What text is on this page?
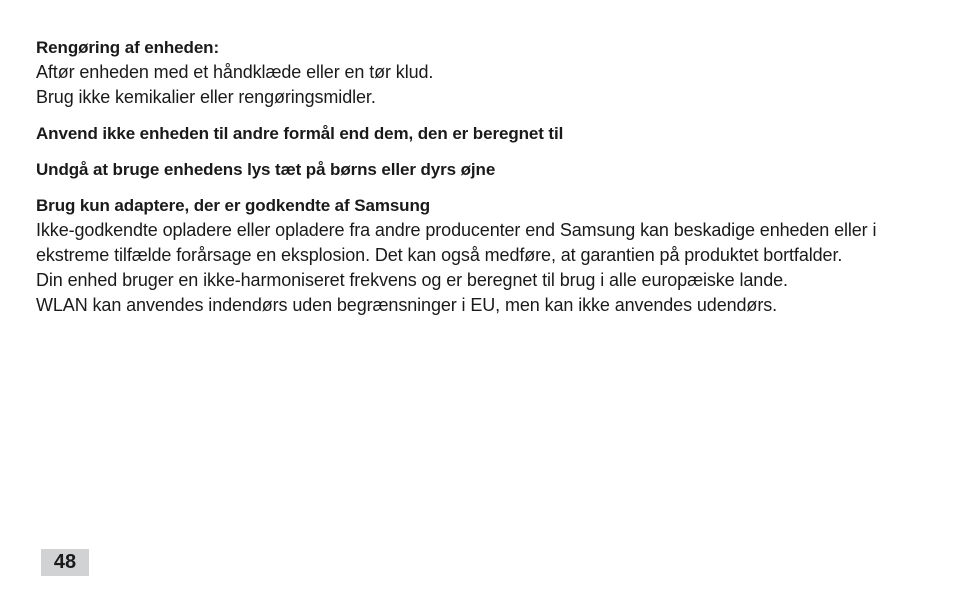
Rengøring af enheden:

Aftør enheden med et håndklæde eller en tør klud.

Brug ikke kemikalier eller rengøringsmidler.

Anvend ikke enheden til andre formål end dem, den er beregnet til

Undgå at bruge enhedens lys tæt på børns eller dyrs øjne

Brug kun adaptere, der er godkendte af Samsung

Ikke-godkendte opladere eller opladere fra andre producenter end Samsung kan beskadige enheden eller i ekstreme tilfælde forårsage en eksplosion. Det kan også medføre, at garantien på produktet bortfalder.

Din enhed bruger en ikke-harmoniseret frekvens og er beregnet til brug i alle europæiske lande.

WLAN kan anvendes indendørs uden begrænsninger i EU, men kan ikke anvendes udendørs.

48
